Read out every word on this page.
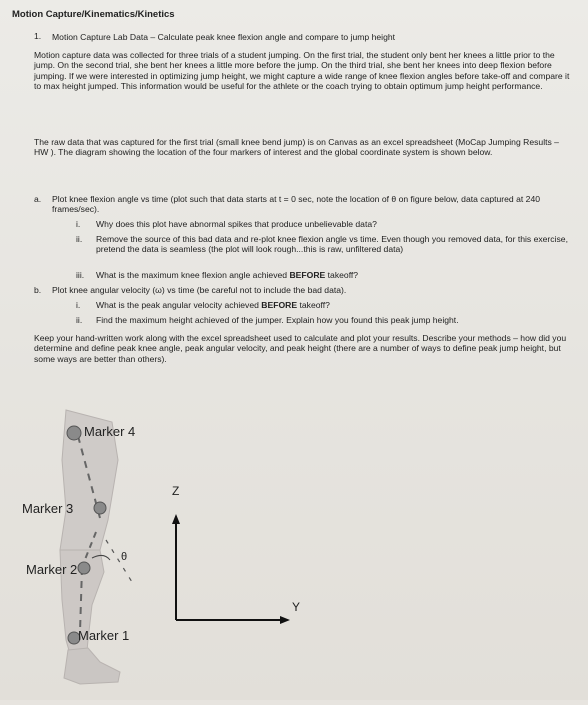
Motion Capture/Kinematics/Kinetics
1. Motion Capture Lab Data – Calculate peak knee flexion angle and compare to jump height
Motion capture data was collected for three trials of a student jumping. On the first trial, the student only bent her knees a little prior to the jump. On the second trial, she bent her knees a little more before the jump. On the third trial, she bent her knees into deep flexion before jumping. If we were interested in optimizing jump height, we might capture a wide range of knee flexion angles before take-off and compare it to max height jumped. This information would be useful for the athlete or the coach trying to obtain optimum jump height performance.
The raw data that was captured for the first trial (small knee bend jump) is on Canvas as an excel spreadsheet (MoCap Jumping Results – HW ). The diagram showing the location of the four markers of interest and the global coordinate system is shown below.
a. Plot knee flexion angle vs time (plot such that data starts at t = 0 sec, note the location of θ on figure below, data captured at 240 frames/sec).
i. Why does this plot have abnormal spikes that produce unbelievable data?
ii. Remove the source of this bad data and re-plot knee flexion angle vs time. Even though you removed data, for this exercise, pretend the data is seamless (the plot will look rough...this is raw, unfiltered data)
iii. What is the maximum knee flexion angle achieved BEFORE takeoff?
b. Plot knee angular velocity (ω) vs time (be careful not to include the bad data).
i. What is the peak angular velocity achieved BEFORE takeoff?
ii. Find the maximum height achieved of the jumper. Explain how you found this peak jump height.
Keep your hand-written work along with the excel spreadsheet used to calculate and plot your results. Describe your methods – how did you determine and define peak knee angle, peak angular velocity, and peak height (there are a number of ways to define peak jump height, but some ways are better than others).
Marker 4
Marker 3
Marker 2
Marker 1
θ
Z
Y
